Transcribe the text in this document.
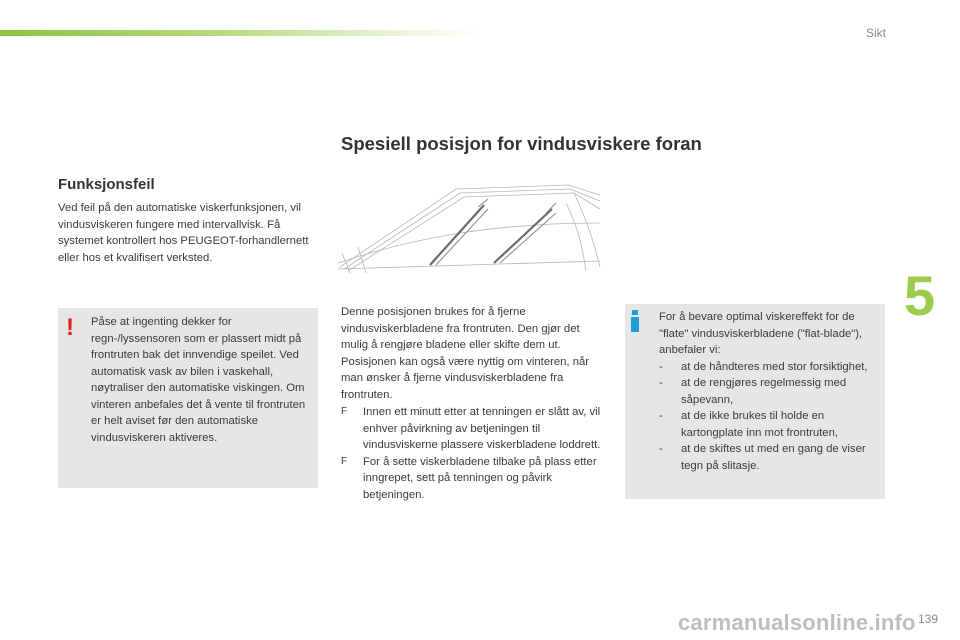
Sikt
5
Funksjonsfeil

Ved feil på den automatiske viskerfunksjonen, vil vindusviskeren fungere med intervallvisk. Få systemet kontrollert hos PEUGEOT-forhandlernett eller hos et kvalifisert verksted.

! Påse at ingenting dekker for regn-/lyssensoren som er plassert midt på frontruten bak det innvendige speilet. Ved automatisk vask av bilen i vaskehall, nøytraliser den automatiske viskingen. Om vinteren anbefales det å vente til frontruten er helt aviset før den automatiske vindusviskeren aktiveres.

Spesiell posisjon for vindusviskere foran

Denne posisjonen brukes for å fjerne vindusviskerbladene fra frontruten. Den gjør det mulig å rengjøre bladene eller skifte dem ut. Posisjonen kan også være nyttig om vinteren, når man ønsker å fjerne vindusviskerbladene fra frontruten.

F	Innen ett minutt etter at tenningen er slått av, vil enhver påvirkning av betjeningen til vindusviskerne plassere viskerbladene loddrett.
F	For å sette viskerbladene tilbake på plass etter inngrepet, sett på tenningen og påvirk betjeningen.
For å bevare optimal viskereffekt for de "flate" vindusviskerbladene ("flat-blade"), anbefaler vi:
-	at de håndteres med stor forsiktighet,
-	at de rengjøres regelmessig med såpevann,
-	at de ikke brukes til holde en kartongplate inn mot frontruten,
-	at de skiftes ut med en gang de viser tegn på slitasje.
139
carmanualsonline.info
